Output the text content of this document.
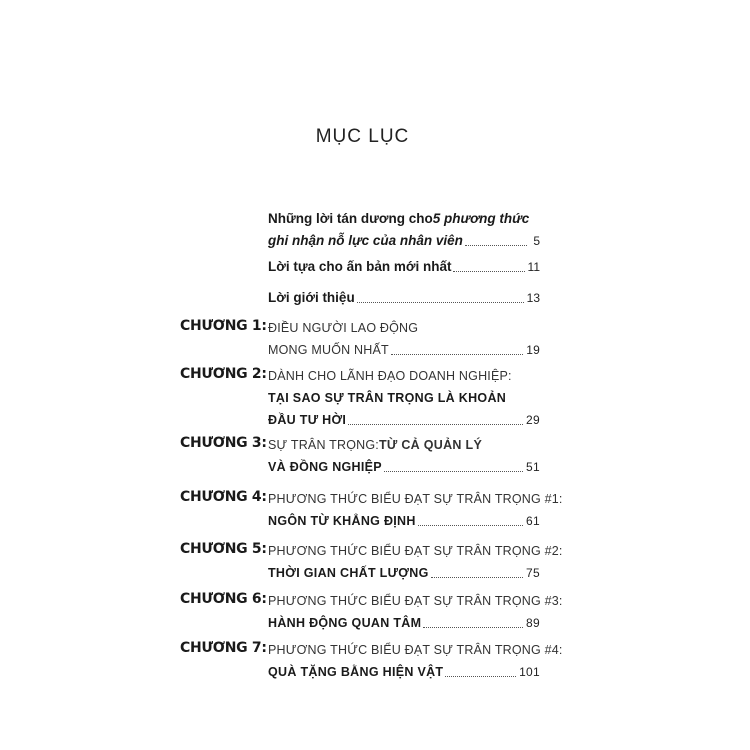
MỤC LỤC
Những lời tán dương cho 5 phương thức
ghi nhận nỗ lực của nhân viên	5
Lời tựa cho ấn bản mới nhất	11
Lời giới thiệu	13
CHƯƠNG 1: ĐIỀU NGƯỜI LAO ĐỘNG
MONG MUỐN NHẤT	19
CHƯƠNG 2: DÀNH CHO LÃNH ĐẠO DOANH NGHIỆP:
TẠI SAO SỰ TRÂN TRỌNG LÀ KHOẢN
ĐẦU TƯ HỜI	29
CHƯƠNG 3: SỰ TRÂN TRỌNG: TỪ CẢ QUẢN LÝ
VÀ ĐỒNG NGHIỆP	51
CHƯƠNG 4: PHƯƠNG THỨC BIỂU ĐẠT SỰ TRÂN TRỌNG #1:
NGÔN TỪ KHẲNG ĐỊNH	61
CHƯƠNG 5: PHƯƠNG THỨC BIỂU ĐẠT SỰ TRÂN TRỌNG #2:
THỜI GIAN CHẤT LƯỢNG	75
CHƯƠNG 6: PHƯƠNG THỨC BIỂU ĐẠT SỰ TRÂN TRỌNG #3:
HÀNH ĐỘNG QUAN TÂM	89
CHƯƠNG 7: PHƯƠNG THỨC BIỂU ĐẠT SỰ TRÂN TRỌNG #4:
QUÀ TẶNG BẰNG HIỆN VẬT	101
